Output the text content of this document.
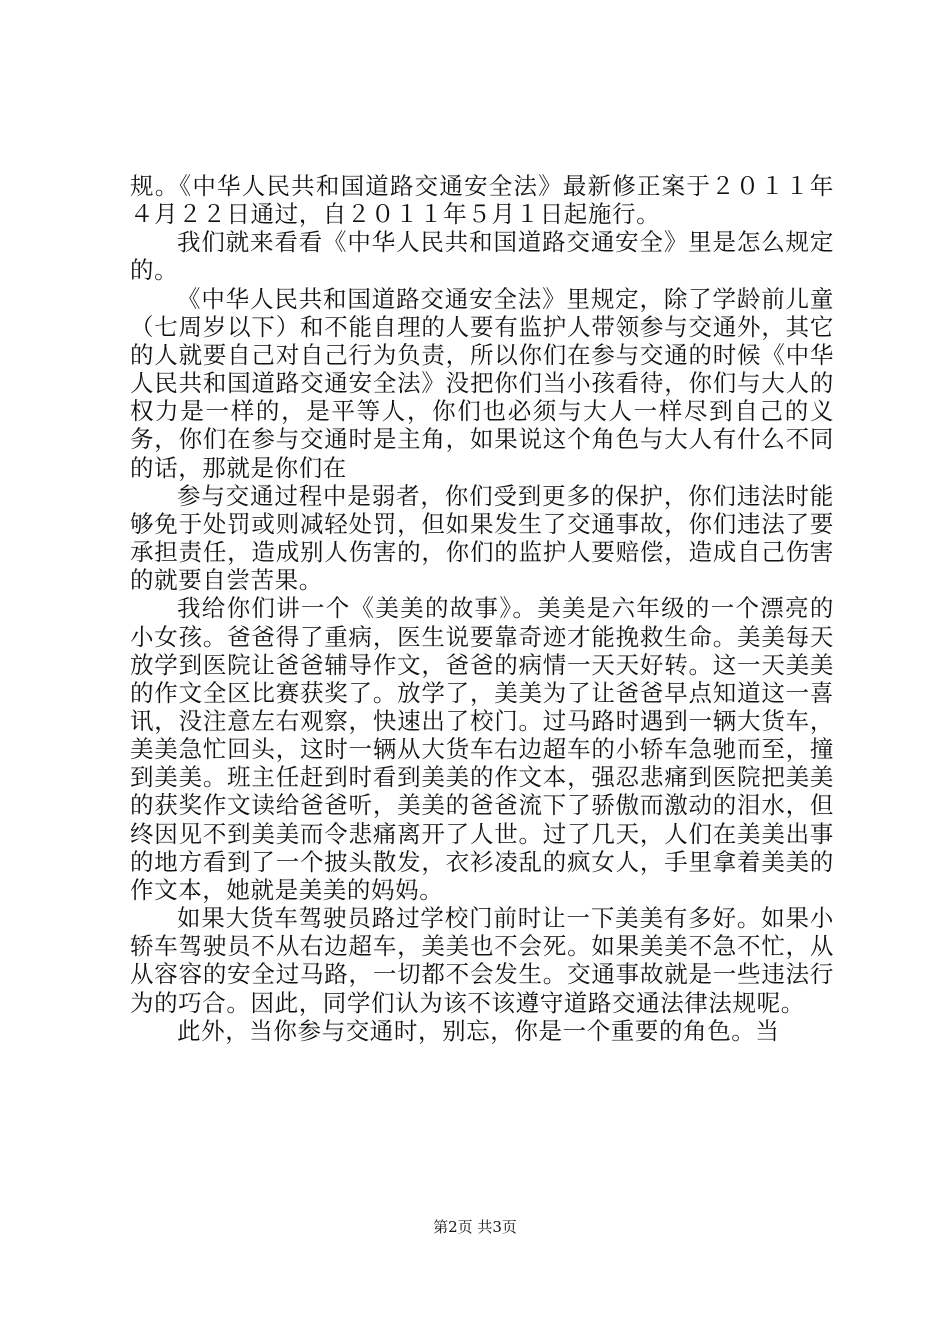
规。《中华人民共和国道路交通安全法》最新修正案于２０１１年４月２２日通过，自２０１１年５月１日起施行。

我们就来看看《中华人民共和国道路交通安全》里是怎么规定的。

《中华人民共和国道路交通安全法》里规定，除了学龄前儿童（七周岁以下）和不能自理的人要有监护人带领参与交通外，其它的人就要自己对自己行为负责，所以你们在参与交通的时候《中华人民共和国道路交通安全法》没把你们当小孩看待，你们与大人的权力是一样的，是平等人，你们也必须与大人一样尽到自己的义务，你们在参与交通时是主角，如果说这个角色与大人有什么不同的话，那就是你们在

参与交通过程中是弱者，你们受到更多的保护，你们违法时能够免于处罚或则减轻处罚，但如果发生了交通事故，你们违法了要承担责任，造成别人伤害的，你们的监护人要赔偿，造成自己伤害的就要自尝苦果。

我给你们讲一个《美美的故事》。美美是六年级的一个漂亮的小女孩。爸爸得了重病，医生说要靠奇迹才能挽救生命。美美每天放学到医院让爸爸辅导作文，爸爸的病情一天天好转。这一天美美的作文全区比赛获奖了。放学了，美美为了让爸爸早点知道这一喜讯，没注意左右观察，快速出了校门。过马路时遇到一辆大货车，美美急忙回头，这时一辆从大货车右边超车的小轿车急驰而至，撞到美美。班主任赶到时看到美美的作文本，强忍悲痛到医院把美美的获奖作文读给爸爸听，美美的爸爸流下了骄傲而激动的泪水，但终因见不到美美而令悲痛离开了人世。过了几天，人们在美美出事的地方看到了一个披头散发，衣衫凌乱的疯女人，手里拿着美美的作文本，她就是美美的妈妈。

如果大货车驾驶员路过学校门前时让一下美美有多好。如果小轿车驾驶员不从右边超车，美美也不会死。如果美美不急不忙，从从容容的安全过马路，一切都不会发生。交通事故就是一些违法行为的巧合。因此，同学们认为该不该遵守道路交通法律法规呢。

此外，当你参与交通时，别忘，你是一个重要的角色。当

第2页 共3页
